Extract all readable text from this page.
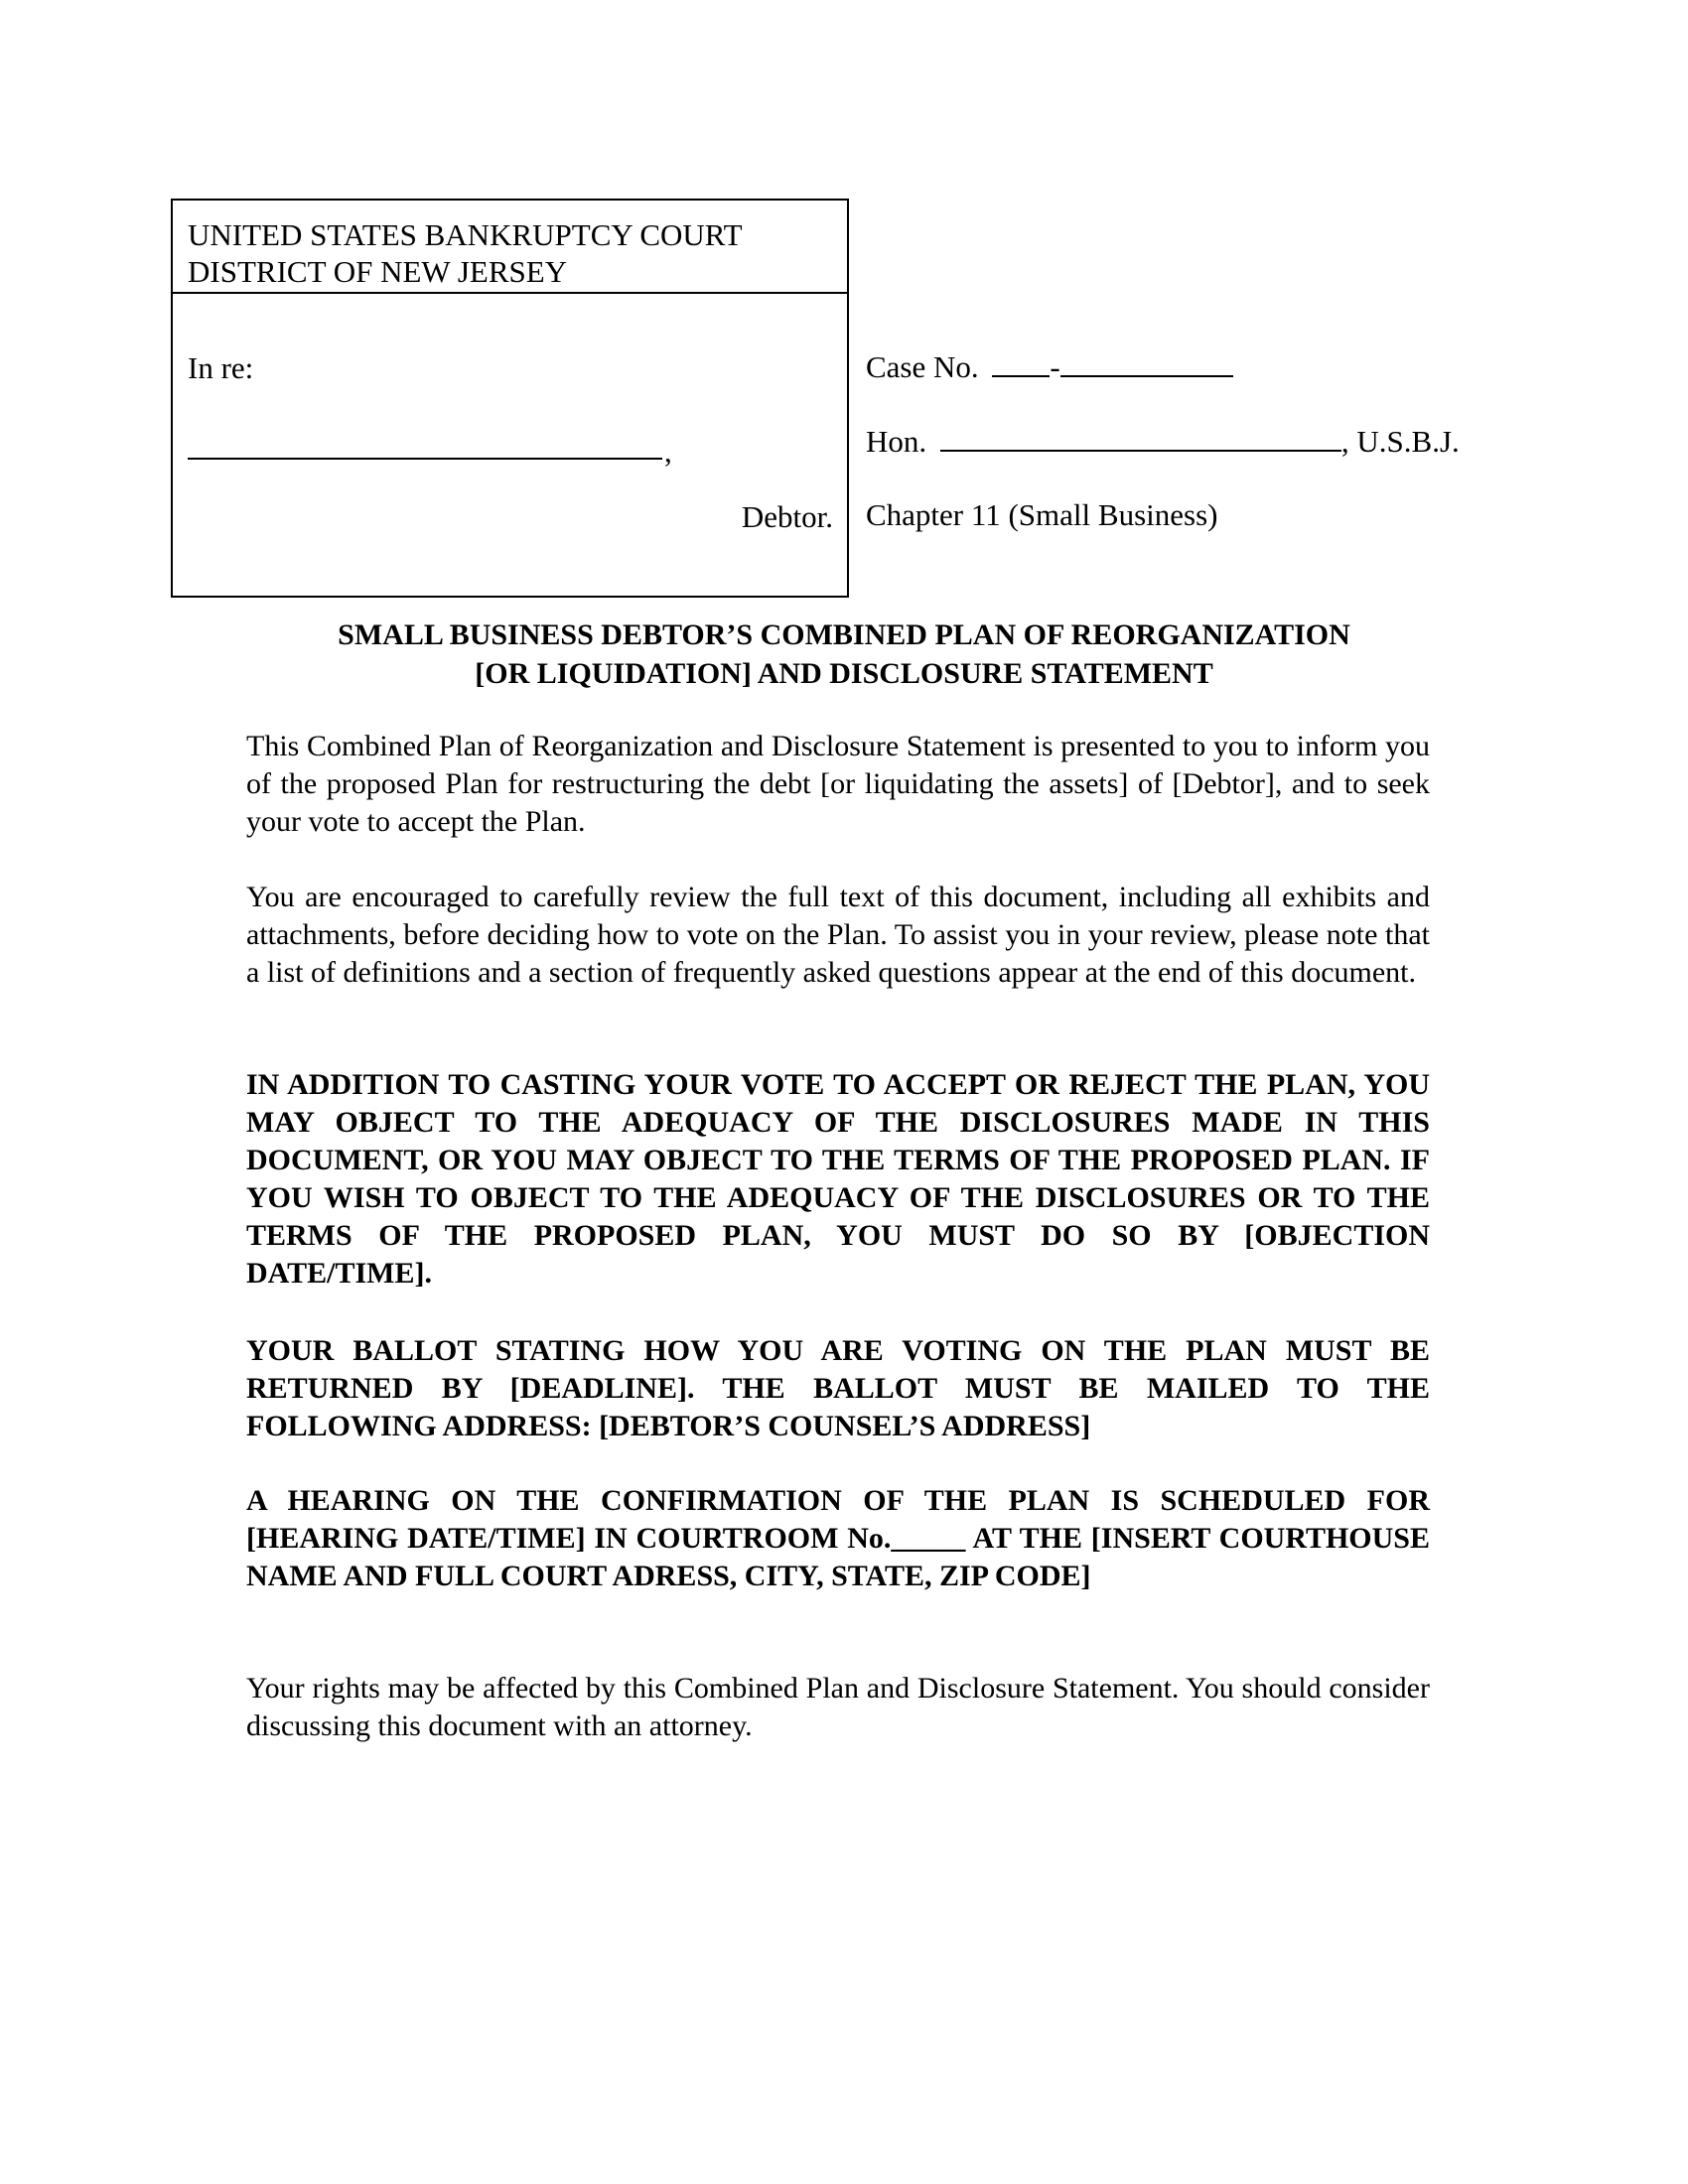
UNITED STATES BANKRUPTCY COURT
DISTRICT OF NEW JERSEY
In re:
,
Debtor.
Case No. -
Hon.	, U.S.B.J.
Chapter 11 (Small Business)
SMALL BUSINESS DEBTOR’S COMBINED PLAN OF REORGANIZATION
[OR LIQUIDATION] AND DISCLOSURE STATEMENT
This Combined Plan of Reorganization and Disclosure Statement is presented to you to inform you of the proposed Plan for restructuring the debt [or liquidating the assets] of [Debtor], and to seek your vote to accept the Plan.
You are encouraged to carefully review the full text of this document, including all exhibits and attachments, before deciding how to vote on the Plan. To assist you in your review, please note that a list of definitions and a section of frequently asked questions appear at the end of this document.
IN ADDITION TO CASTING YOUR VOTE TO ACCEPT OR REJECT THE PLAN, YOU MAY OBJECT TO THE ADEQUACY OF THE DISCLOSURES MADE IN THIS DOCUMENT, OR YOU MAY OBJECT TO THE TERMS OF THE PROPOSED PLAN. IF YOU WISH TO OBJECT TO THE ADEQUACY OF THE DISCLOSURES OR TO THE TERMS OF THE PROPOSED PLAN, YOU MUST DO SO BY [OBJECTION DATE/TIME].
YOUR BALLOT STATING HOW YOU ARE VOTING ON THE PLAN MUST BE RETURNED BY [DEADLINE]. THE BALLOT MUST BE MAILED TO THE FOLLOWING ADDRESS: [DEBTOR’S COUNSEL’S ADDRESS]
A HEARING ON THE CONFIRMATION OF THE PLAN IS SCHEDULED FOR [HEARING DATE/TIME] IN COURTROOM No._____ AT THE [INSERT COURTHOUSE NAME AND FULL COURT ADRESS, CITY, STATE, ZIP CODE]
Your rights may be affected by this Combined Plan and Disclosure Statement. You should consider discussing this document with an attorney.
